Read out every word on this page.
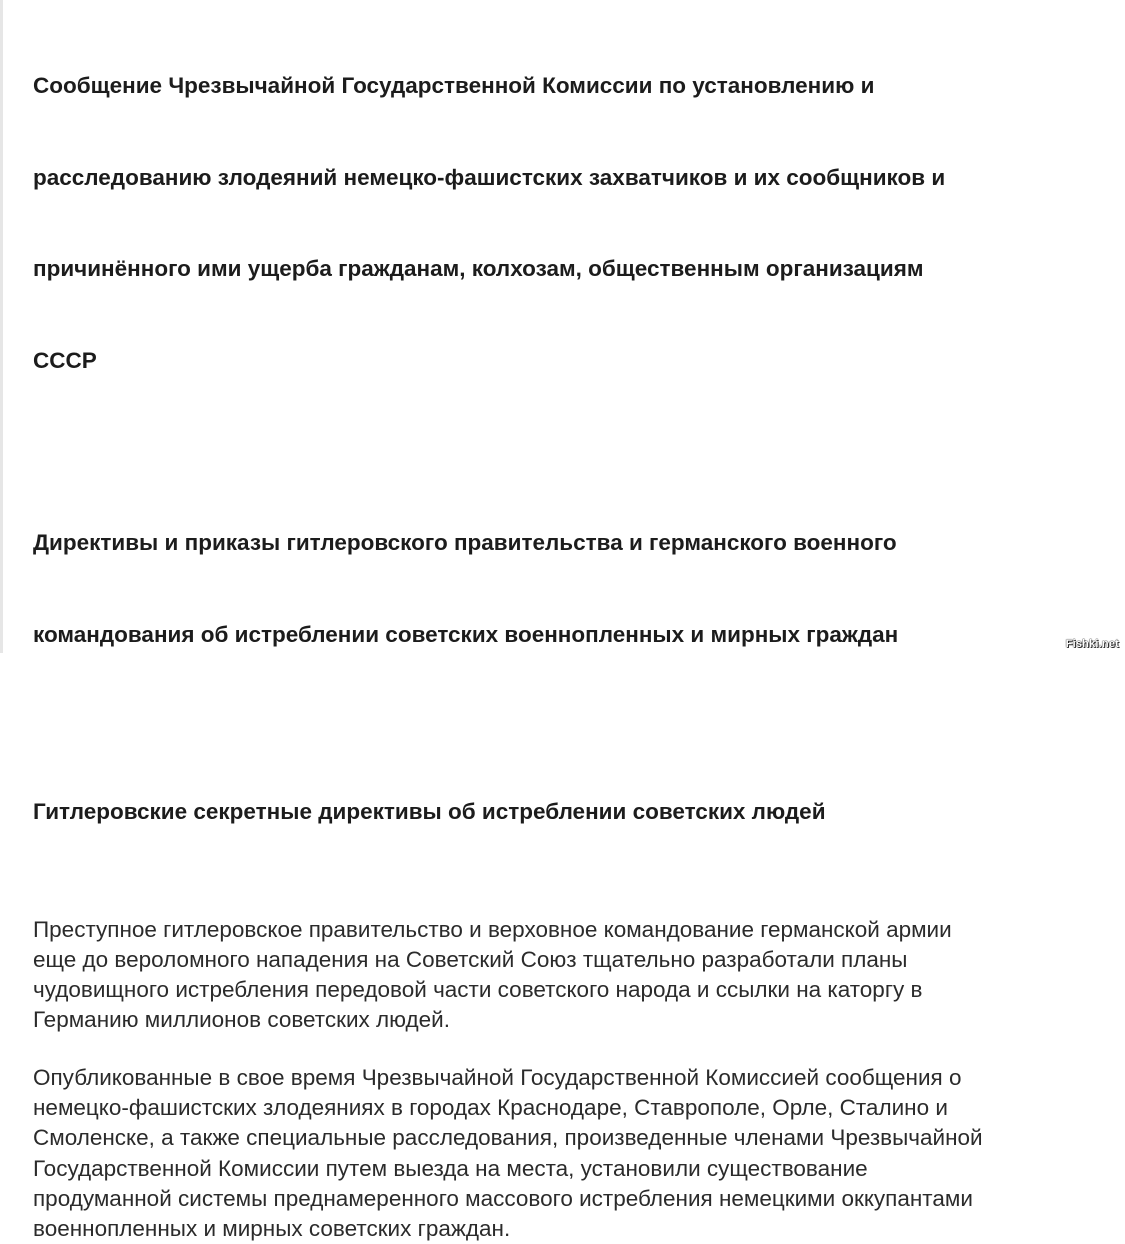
Сообщение Чрезвычайной Государственной Комиссии по установлению и

расследованию злодеяний немецко-фашистских захватчиков и их сообщников и

причинённого ими ущерба гражданам, колхозам, общественным организациям

СССР

Директивы и приказы гитлеровского правительства и германского военного

командования об истреблении советских военнопленных и мирных граждан

Гитлеровские секретные директивы об истреблении советских людей

Преступное гитлеровское правительство и верховное командование германской армии
еще до вероломного нападения на Советский Союз тщательно разработали планы
чудовищного истребления передовой части советского народа и ссылки на каторгу в
Германию миллионов советских людей.

Опубликованные в свое время Чрезвычайной Государственной Комиссией сообщения о
немецко-фашистских злодеяниях в городах Краснодаре, Ставрополе, Орле, Сталино и
Смоленске, а также специальные расследования, произведенные членами Чрезвычайной
Государственной Комиссии путем выезда на места, установили существование
продуманной системы преднамеренного массового истребления немецкими оккупантами
военнопленных и мирных советских граждан.

Fishki.net
